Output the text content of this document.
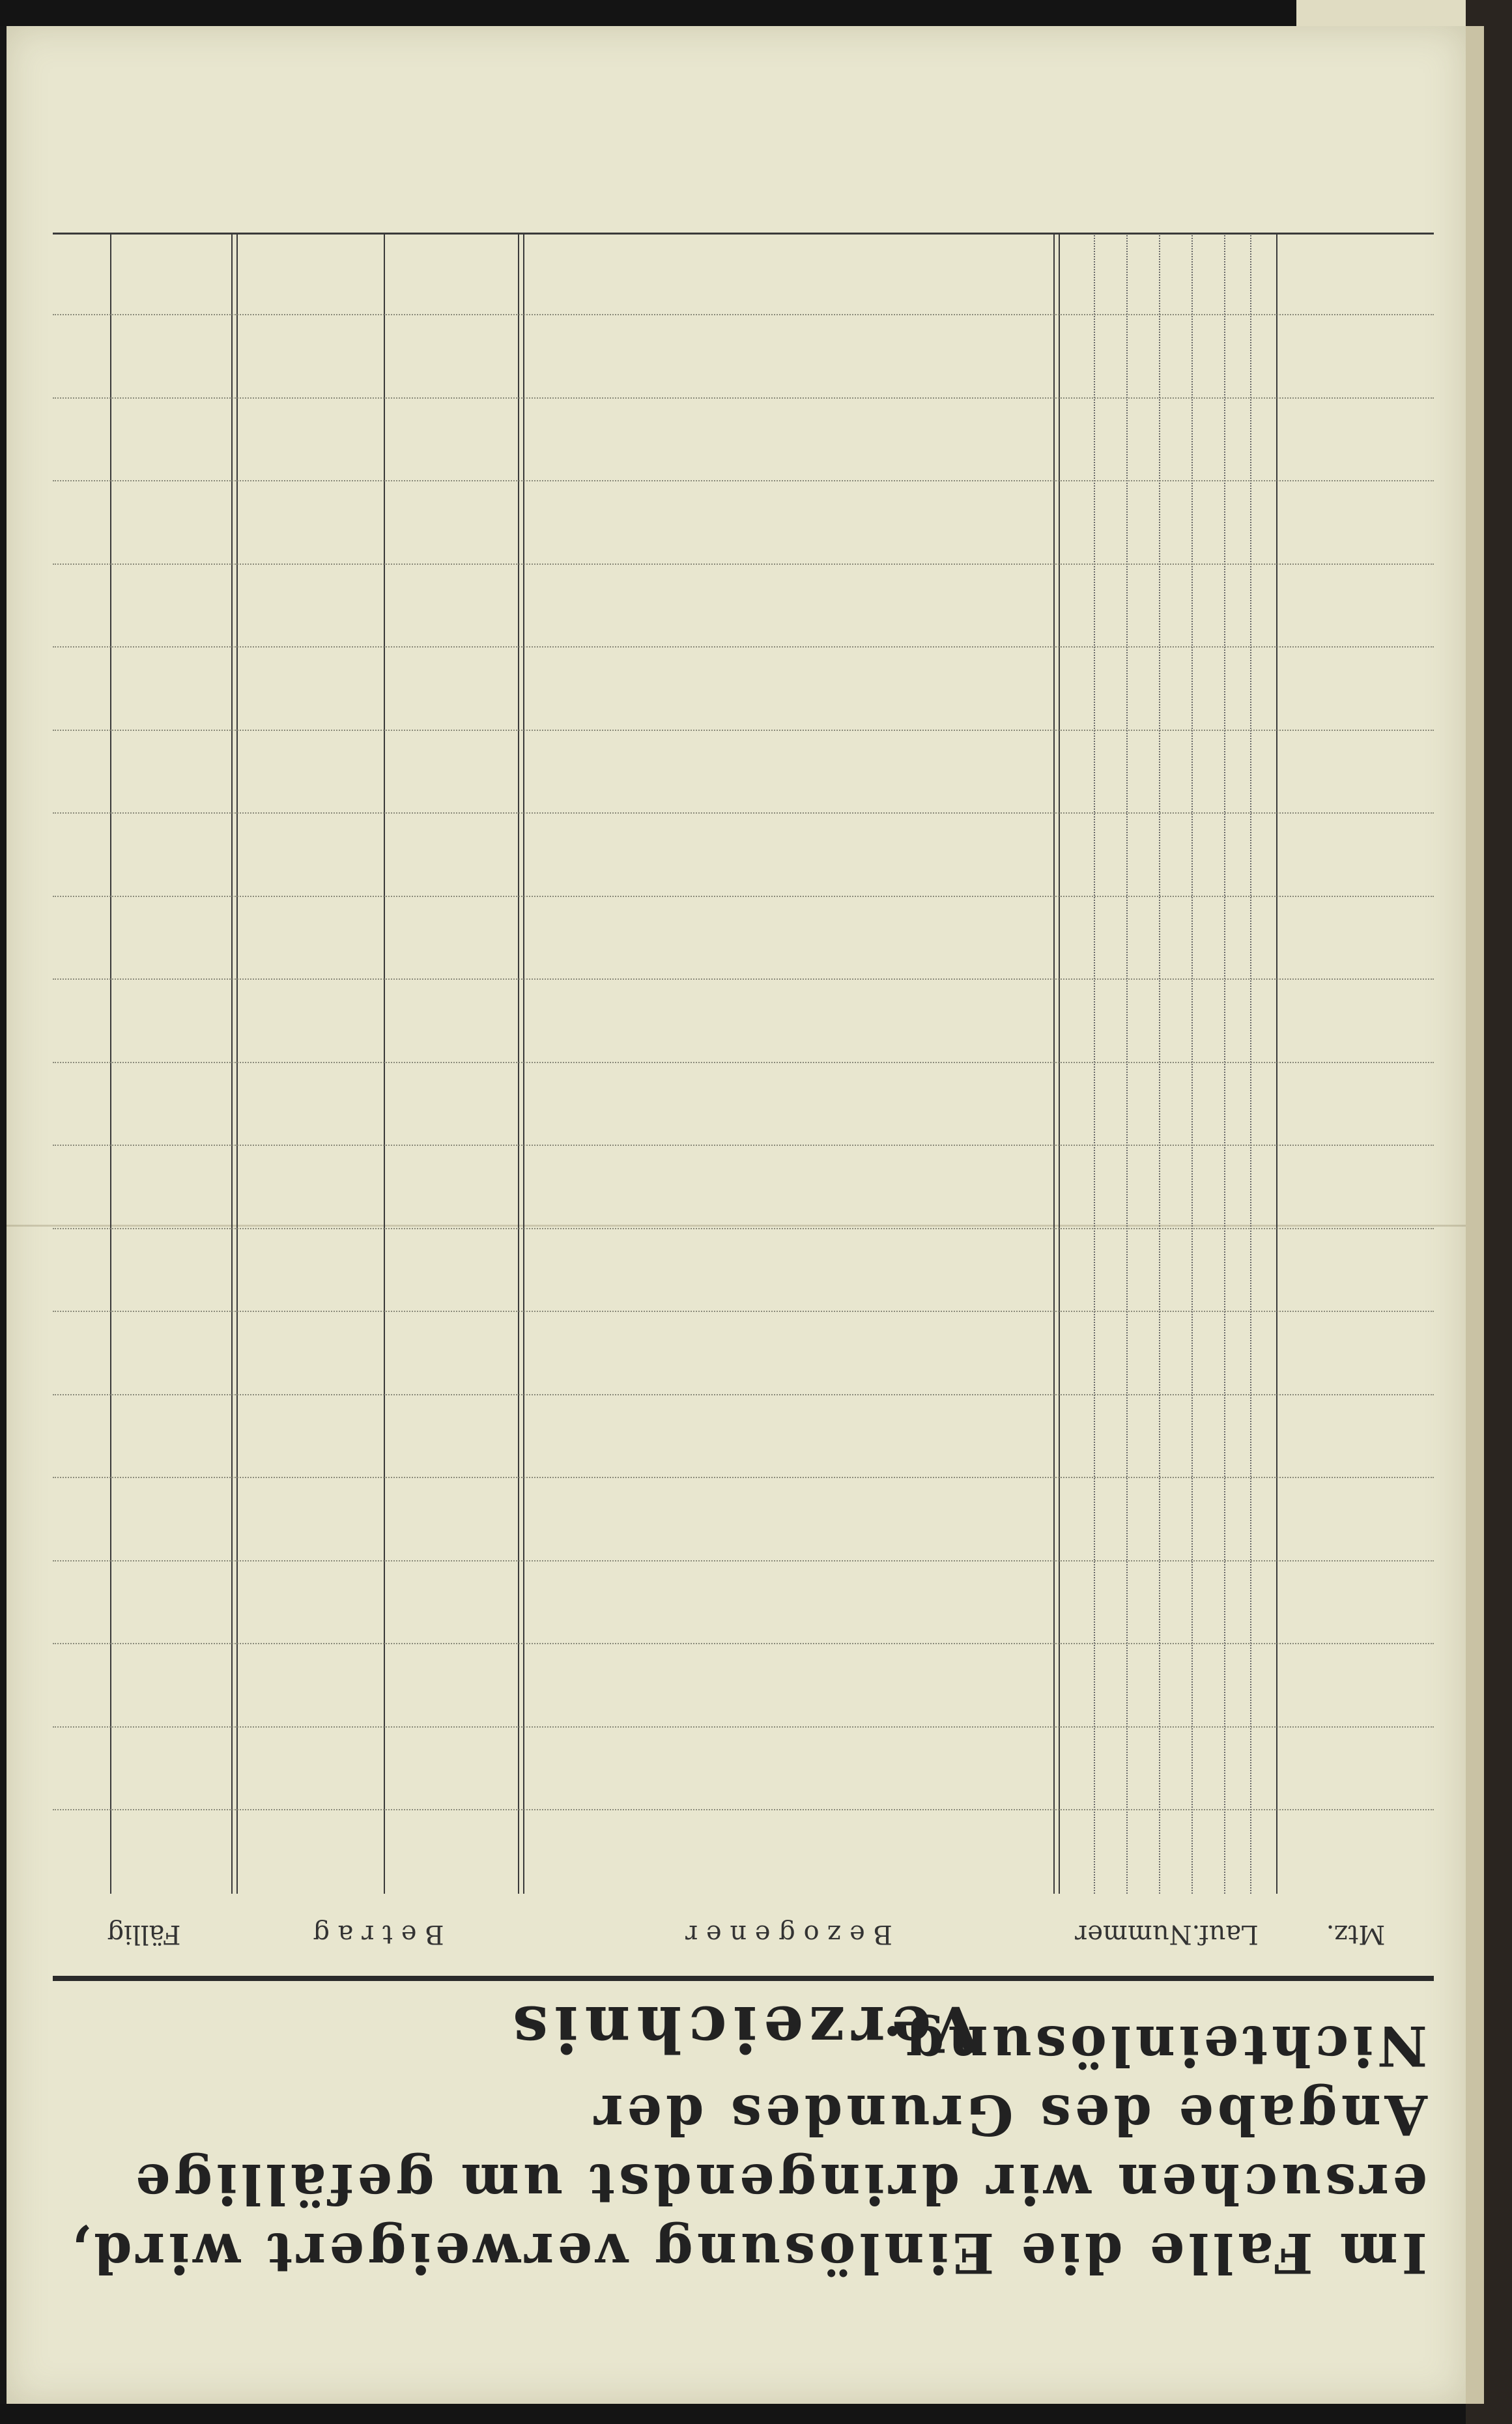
Im Falle die Einlösung verweigert wird,
ersuchen wir dringendst um gefällige
Angabe des Grundes der Nichteinlösung.
Verzeichnis
Mtz.
Lauf.Nummer
B e z o g e n e r
B e t r a g
Fällig
